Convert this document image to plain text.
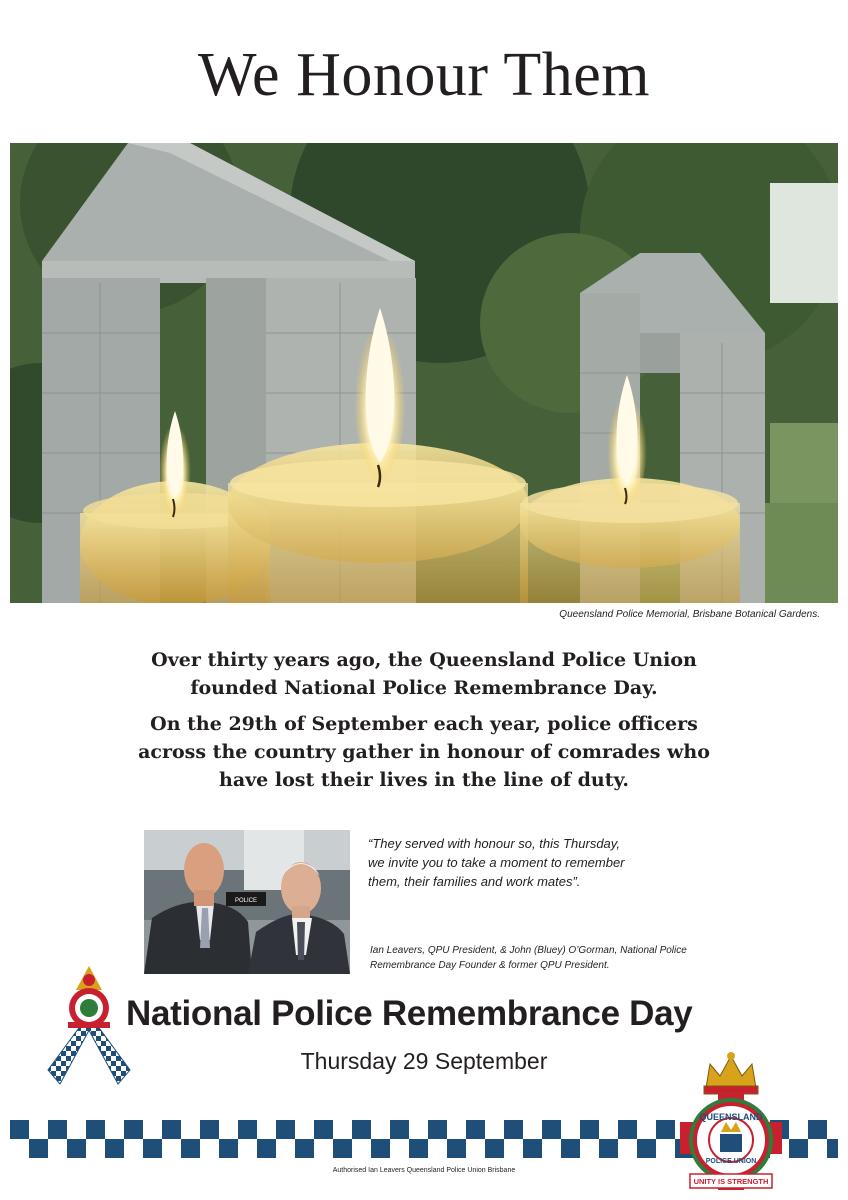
We Honour Them
Queensland Police Memorial, Brisbane Botanical Gardens.
Over thirty years ago, the Queensland Police Union
founded National Police Remembrance Day.
On the 29th of September each year, police officers
across the country gather in honour of comrades who
have lost their lives in the line of duty.
POLICE
“They served with honour so, this Thursday,
we invite you to take a moment to remember
them, their families and work mates”.
Ian Leavers, QPU President, & John (Bluey) O’Gorman, National Police
Remembrance Day Founder & former QPU President.
National Police Remembrance Day
Thursday 29 September
QUEENSLAND
POLICE UNION
UNITY IS STRENGTH
Authorised Ian Leavers Queensland Police Union Brisbane
